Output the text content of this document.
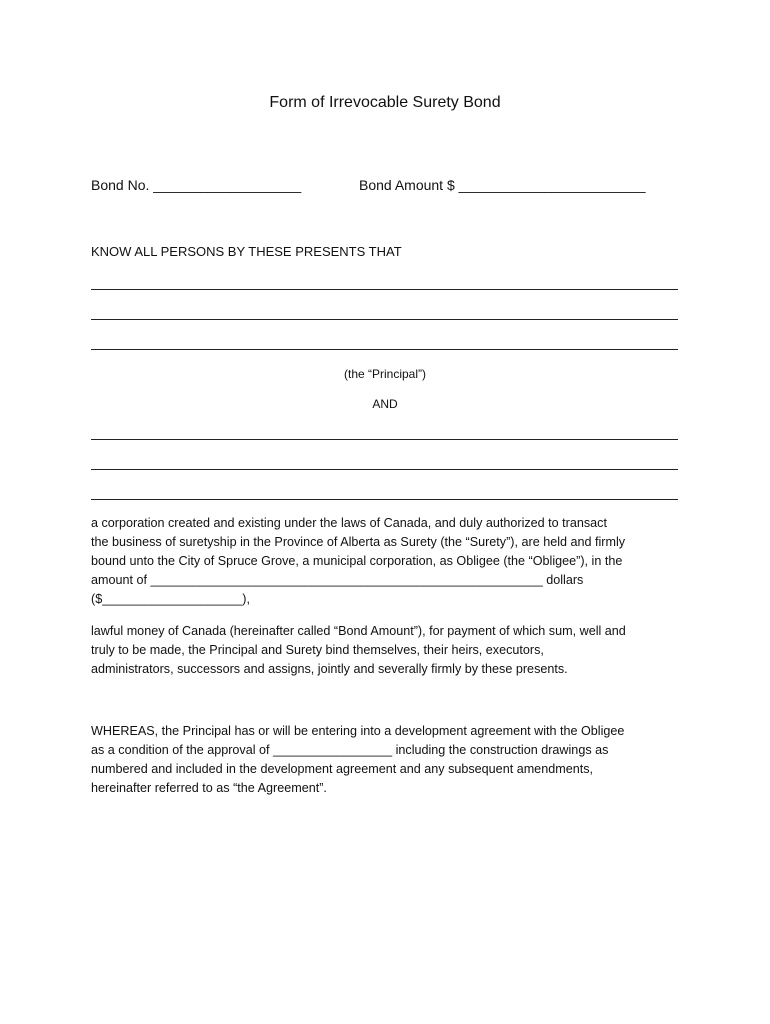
Form of Irrevocable Surety Bond
Bond No. ___________________	Bond Amount $ ________________________
KNOW ALL PERSONS BY THESE PRESENTS THAT
(the “Principal”)
AND

a corporation created and existing under the laws of Canada, and duly authorized to transact

the business of suretyship in the Province of Alberta as Surety (the “Surety”), are held and firmly

bound unto the City of Spruce Grove, a municipal corporation, as Obligee (the “Obligee”), in the

amount of ________________________________________________________ dollars

($____________________),

lawful money of Canada (hereinafter called “Bond Amount”), for payment of which sum, well and

truly to be made, the Principal and Surety bind themselves, their heirs, executors,

administrators, successors and assigns, jointly and severally firmly by these presents.

WHEREAS, the Principal has or will be entering into a development agreement with the Obligee

as a condition of the approval of _________________ including the construction drawings as

numbered and included in the development agreement and any subsequent amendments,

hereinafter referred to as “the Agreement”.
